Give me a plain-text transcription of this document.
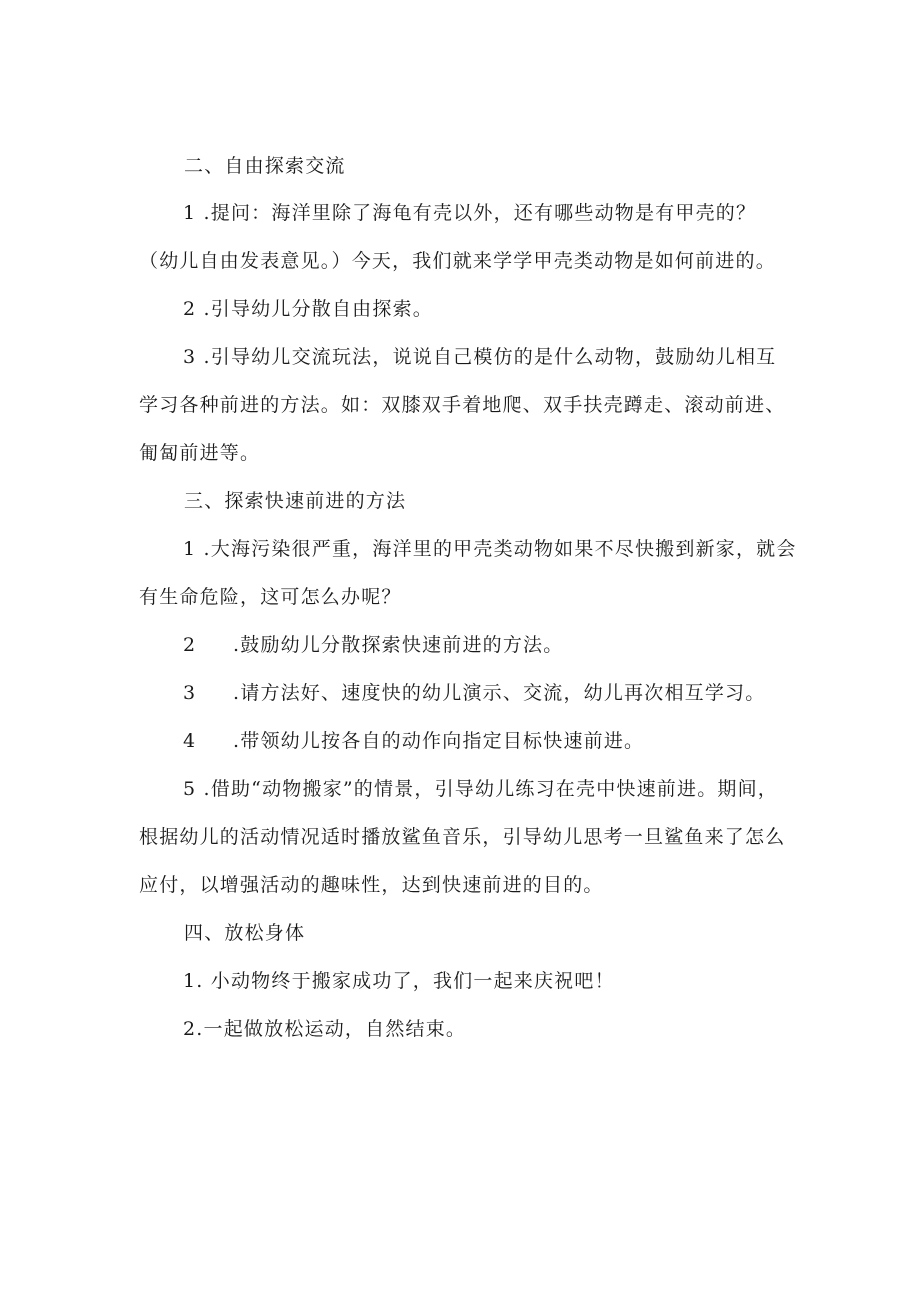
二、自由探索交流
1 .提问：海洋里除了海龟有壳以外，还有哪些动物是有甲壳的？
（幼儿自由发表意见。）今天，我们就来学学甲壳类动物是如何前进的。
2 .引导幼儿分散自由探索。
3 .引导幼儿交流玩法，说说自己模仿的是什么动物，鼓励幼儿相互
学习各种前进的方法。如：双膝双手着地爬、双手扶壳蹲走、滚动前进、
匍匐前进等。
三、探索快速前进的方法
1 .大海污染很严重，海洋里的甲壳类动物如果不尽快搬到新家，就会
有生命危险，这可怎么办呢？
2 .鼓励幼儿分散探索快速前进的方法。
3 .请方法好、速度快的幼儿演示、交流，幼儿再次相互学习。
4 .带领幼儿按各自的动作向指定目标快速前进。
5 .借助“动物搬家”的情景，引导幼儿练习在壳中快速前进。期间，
根据幼儿的活动情况适时播放鲨鱼音乐，引导幼儿思考一旦鲨鱼来了怎么
应付，以增强活动的趣味性，达到快速前进的目的。
四、放松身体
1. 小动物终于搬家成功了，我们一起来庆祝吧！
2.一起做放松运动，自然结束。
